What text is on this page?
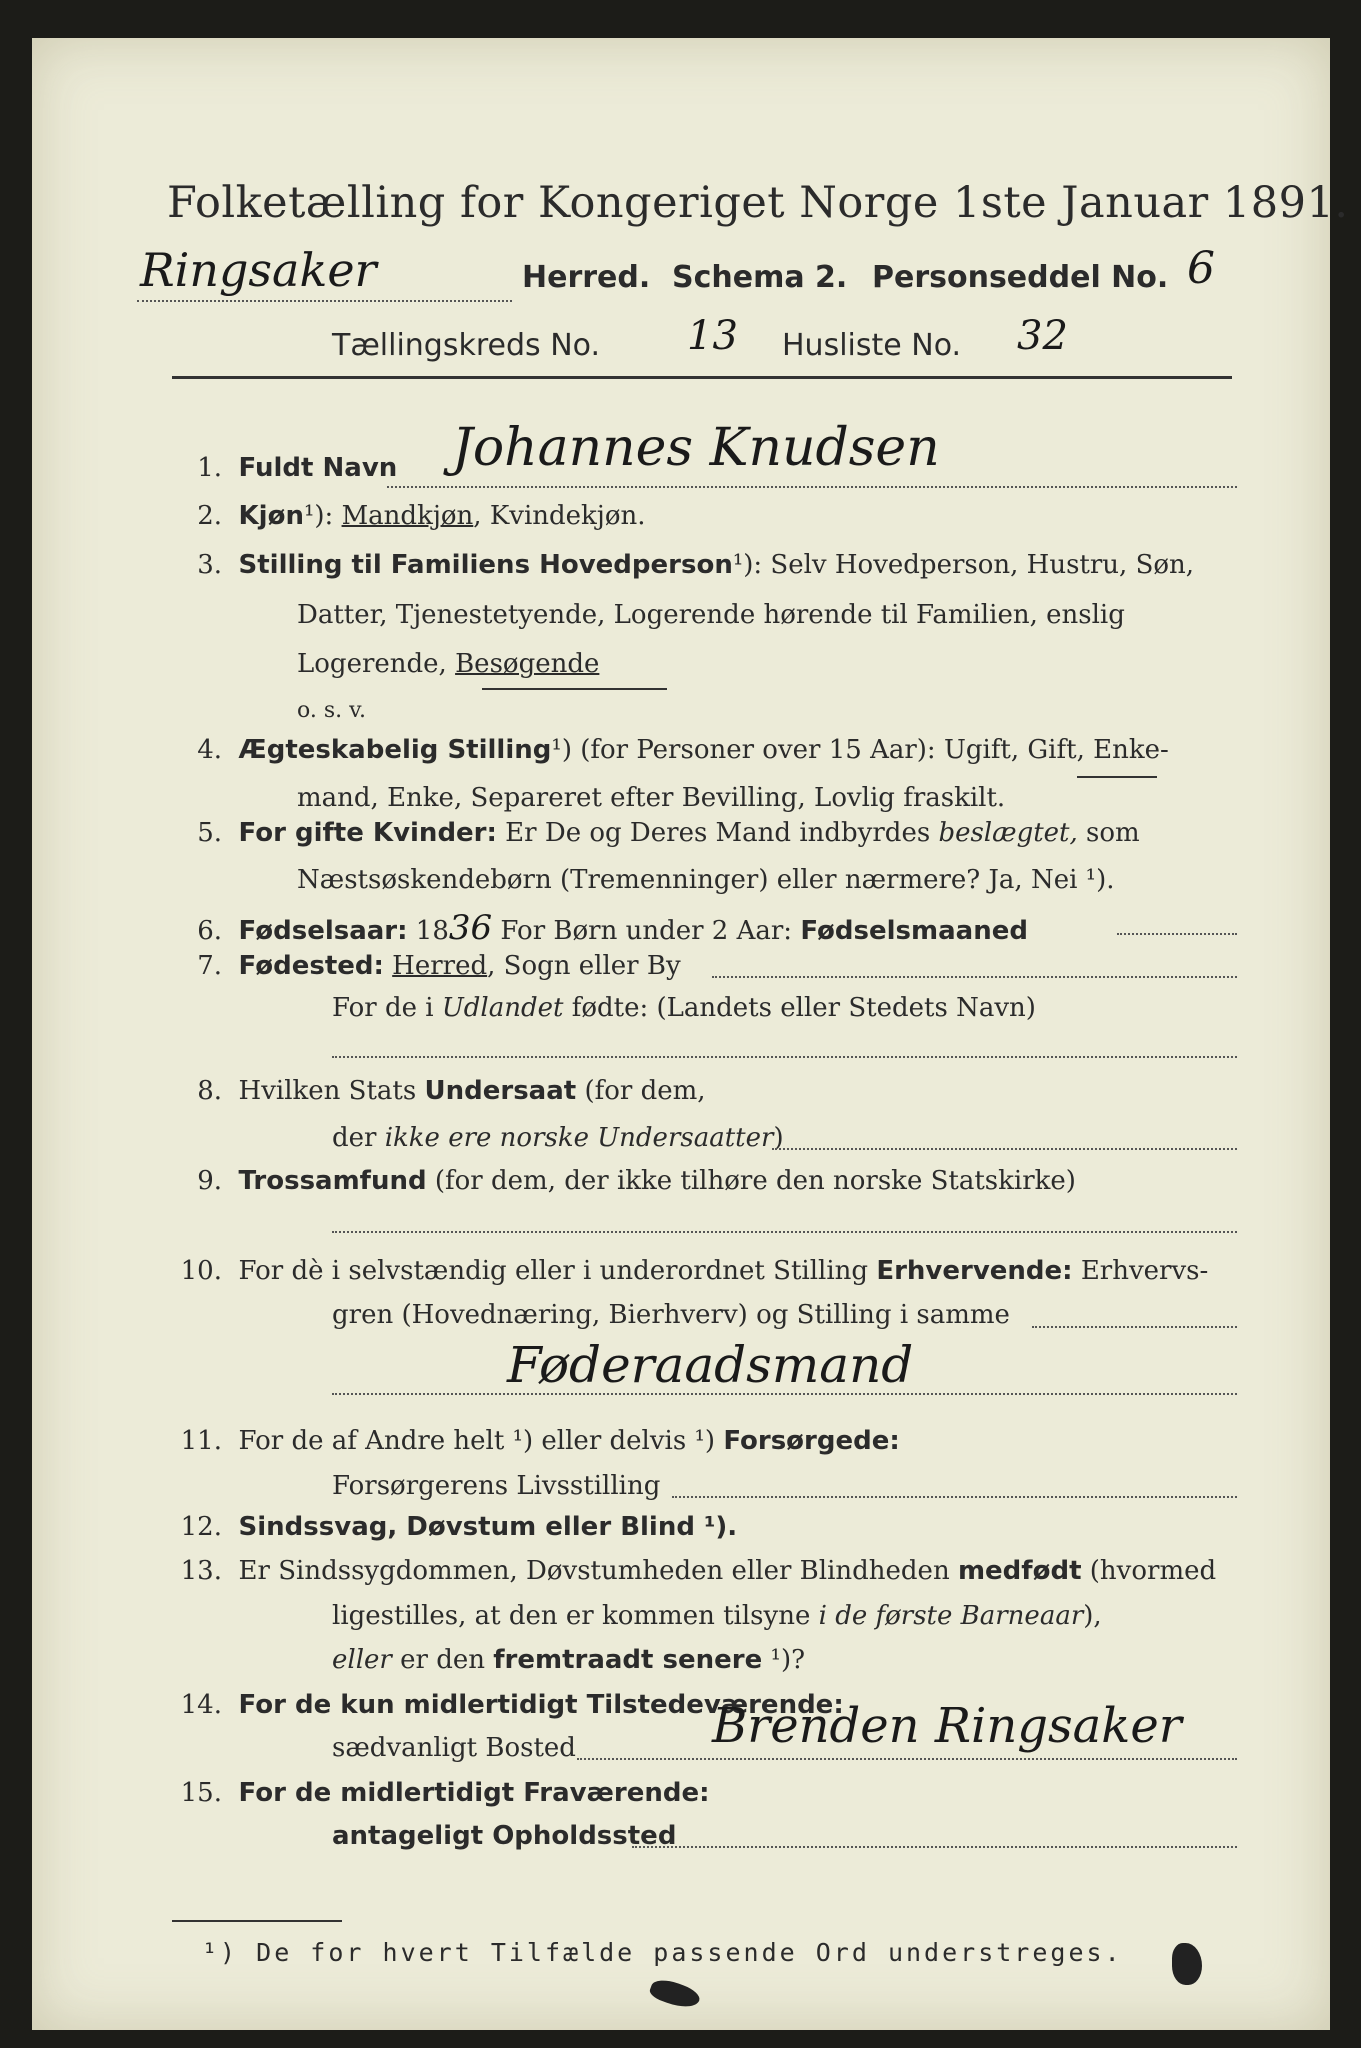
Folketælling for Kongeriget Norge 1ste Januar 1891.
Ringsaker	Herred. Schema 2. Personseddel No. 6
Tællingskreds No. 13 Husliste No. 32
1. Fuldt Navn Johannes Knudsen
2. Kjøn¹): Mandkjøn, Kvindekjøn.
3. Stilling til Familiens Hovedperson¹): Selv Hovedperson, Hustru, Søn,
Datter, Tjenestetyende, Logerende hørende til Familien, enslig
Logerende, Besøgende
o. s. v.
4. Ægteskabelig Stilling¹) (for Personer over 15 Aar): Ugift, Gift, Enke-
mand, Enke, Separeret efter Bevilling, Lovlig fraskilt.
5. For gifte Kvinder: Er De og Deres Mand indbyrdes beslægtet, som
Næstsøskendebørn (Tremenninger) eller nærmere? Ja, Nei ¹).
6. Fødselsaar: 1836 For Børn under 2 Aar: Fødselsmaaned
7. Fødested: Herred, Sogn eller By
For de i Udlandet fødte: (Landets eller Stedets Navn)
8. Hvilken Stats Undersaat (for dem,
der ikke ere norske Undersaatter)
9. Trossamfund (for dem, der ikke tilhøre den norske Statskirke)
10. For dè i selvstændig eller i underordnet Stilling Erhvervende: Erhvervs-
gren (Hovednæring, Bierhverv) og Stilling i samme
Føderaadsmand
11. For de af Andre helt ¹) eller delvis ¹) Forsørgede:
Forsørgerens Livsstilling
12. Sindssvag, Døvstum eller Blind ¹).
13. Er Sindssygdommen, Døvstumheden eller Blindheden medfødt (hvormed
ligestilles, at den er kommen tilsyne i de første Barneaar),
eller er den fremtraadt senere ¹)?
14. For de kun midlertidigt Tilstedeværende:
sædvanligt Bosted	Brenden Ringsaker
15. For de midlertidigt Fraværende:
antageligt Opholdssted
¹) De for hvert Tilfælde passende Ord understreges.
